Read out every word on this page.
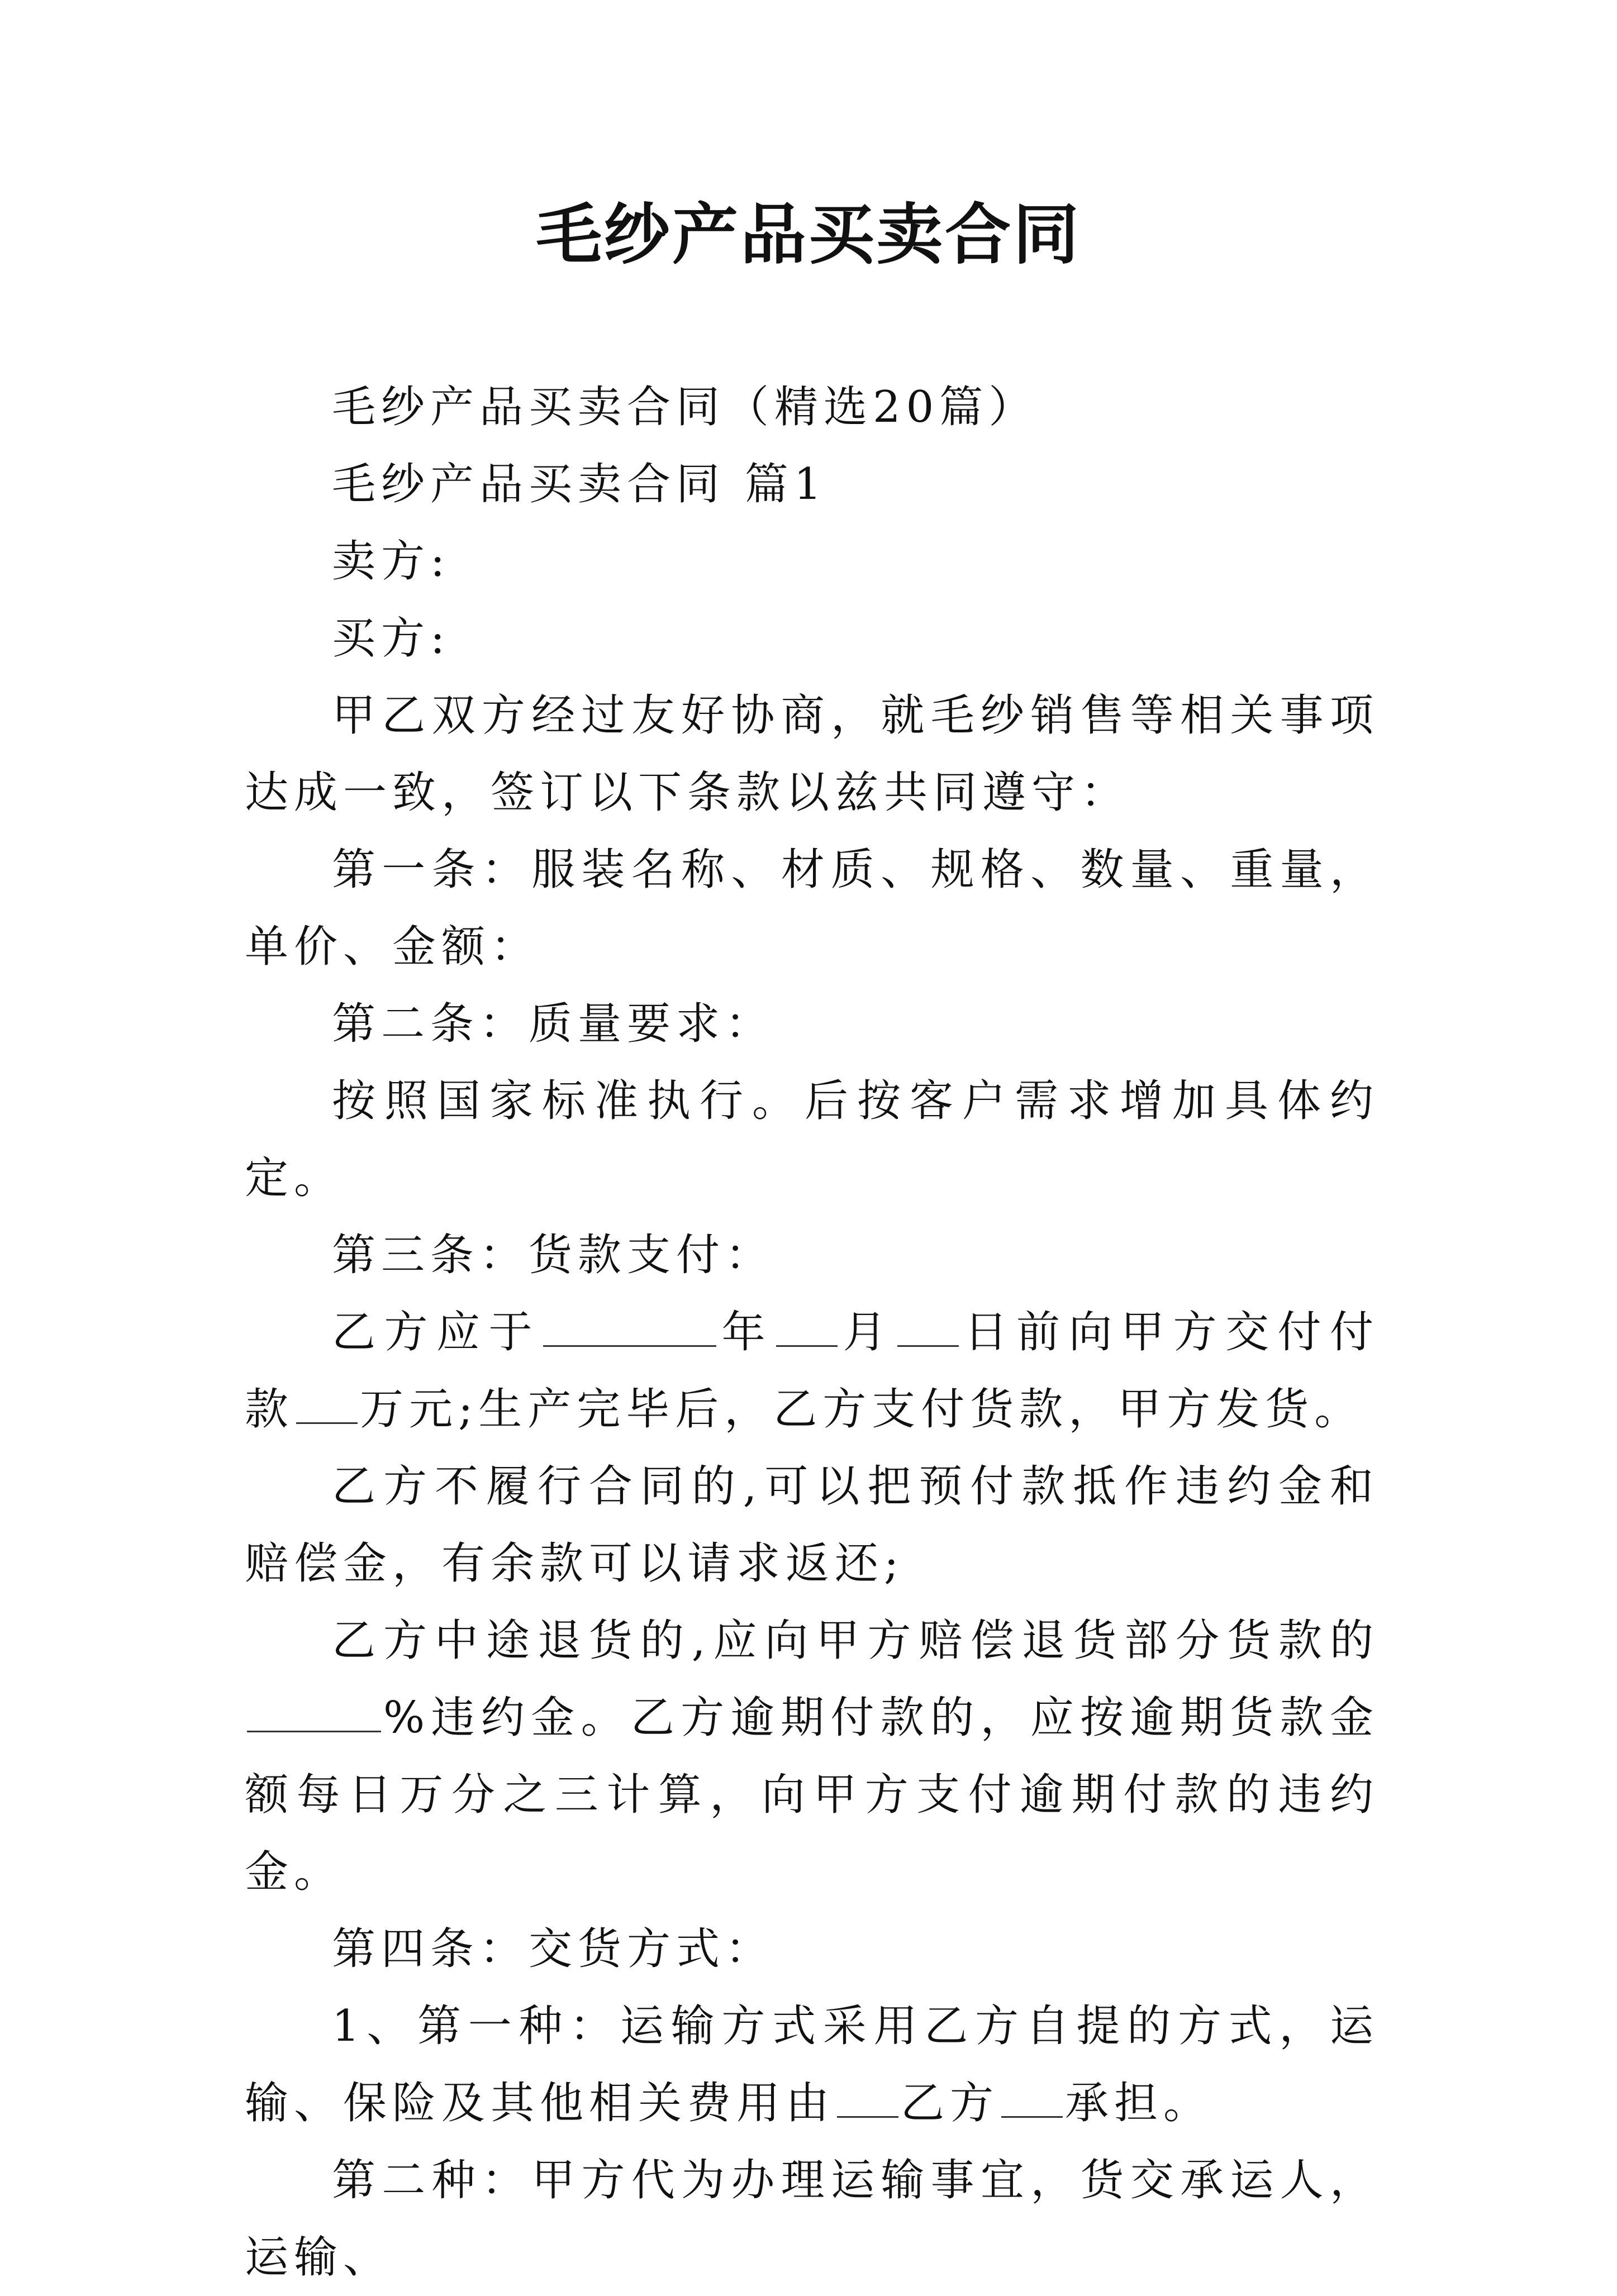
毛纱产品买卖合同

毛纱产品买卖合同（精选20篇）

毛纱产品买卖合同 篇1

卖方:

买方:

甲乙双方经过友好协商，就毛纱销售等相关事项达成一致，签订以下条款以兹共同遵守：

第一条：服装名称、材质、规格、数量、重量，单价、金额：

第二条：质量要求：

按照国家标准执行。后按客户需求增加具体约定。

第三条：货款支付：

乙方应于	年 月 日前向甲方交付付款 万元;生产完毕后，乙方支付货款，甲方发货。

乙方不履行合同的,可以把预付款抵作违约金和赔偿金，有余款可以请求返还;

乙方中途退货的,应向甲方赔偿退货部分货款的%违约金。乙方逾期付款的，应按逾期货款金额每日万分之三计算，向甲方支付逾期付款的违约金。

第四条：交货方式：

1、第一种：运输方式采用乙方自提的方式，运输、保险及其他相关费用由 乙方 承担。

第二种：甲方代为办理运输事宜，货交承运人，运输、
